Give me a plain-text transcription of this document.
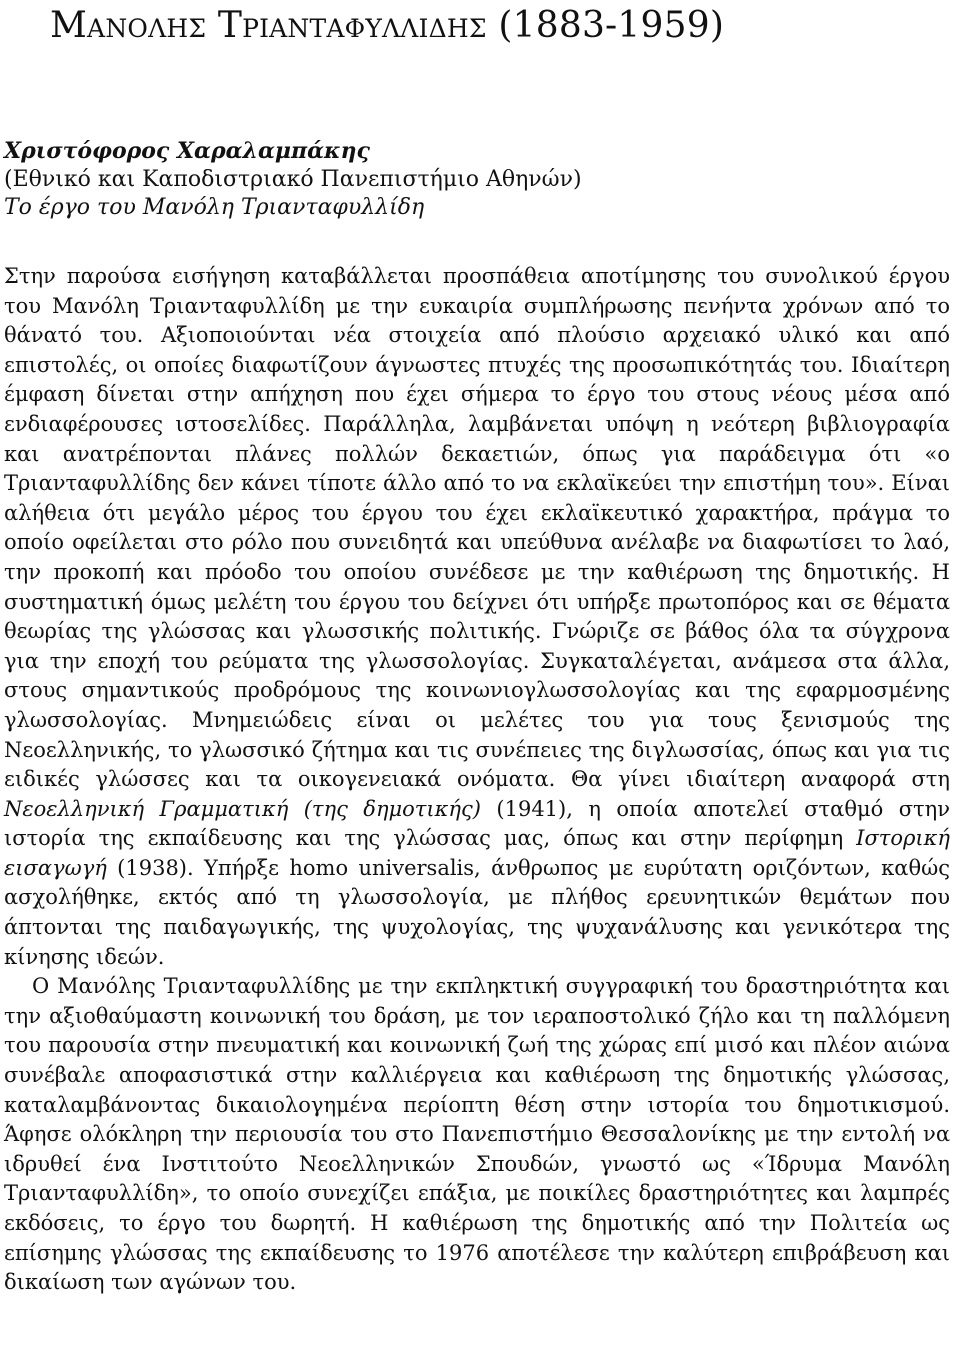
Μανολης Τριανταφυλλιδης (1883-1959)

Χριστόφορος Χαραλαμπάκης

(Εθνικό και Καποδιστριακό Πανεπιστήμιο Αθηνών)

Το έργο του Μανόλη Τριανταφυλλίδη

Στην παρούσα εισήγηση καταβάλλεται προσπάθεια αποτίμησης του συνολικού έργου του Μανόλη Τριανταφυλλίδη με την ευκαιρία συμπλήρωσης πενήντα χρόνων από το θάνατό του. Αξιοποιούνται νέα στοιχεία από πλούσιο αρχειακό υλικό και από επιστολές, οι οποίες διαφωτίζουν άγνωστες πτυχές της προσωπικότητάς του. Ιδιαίτερη έμφαση δίνεται στην απήχηση που έχει σήμερα το έργο του στους νέους μέσα από ενδιαφέρουσες ιστοσελίδες. Παράλληλα, λαμβάνεται υπόψη η νεότερη βιβλιογραφία και ανατρέπονται πλάνες πολλών δεκαετιών, όπως για παράδειγμα ότι «ο Τριανταφυλλίδης δεν κάνει τίποτε άλλο από το να εκλαϊκεύει την επιστήμη του». Είναι αλήθεια ότι μεγάλο μέρος του έργου του έχει εκλαϊκευτικό χαρακτήρα, πράγμα το οποίο οφείλεται στο ρόλο που συνειδητά και υπεύθυνα ανέλαβε να διαφωτίσει το λαό, την προκοπή και πρόοδο του οποίου συνέδεσε με την καθιέρωση της δημοτικής. Η συστηματική όμως μελέτη του έργου του δείχνει ότι υπήρξε πρωτοπόρος και σε θέματα θεωρίας της γλώσσας και γλωσσικής πολιτικής. Γνώριζε σε βάθος όλα τα σύγχρονα για την εποχή του ρεύματα της γλωσσολογίας. Συγκαταλέγεται, ανάμεσα στα άλλα, στους σημαντικούς προδρόμους της κοινωνιογλωσσολογίας και της εφαρμοσμένης γλωσσολογίας. Μνημειώδεις είναι οι μελέτες του για τους ξενισμούς της Νεοελληνικής, το γλωσσικό ζήτημα και τις συνέπειες της διγλωσσίας, όπως και για τις ειδικές γλώσσες και τα οικογενειακά ονόματα. Θα γίνει ιδιαίτερη αναφορά στη Νεοελληνική Γραμματική (της δημοτικής) (1941), η οποία αποτελεί σταθμό στην ιστορία της εκπαίδευσης και της γλώσσας μας, όπως και στην περίφημη Ιστορική εισαγωγή (1938). Υπήρξε homo universalis, άνθρωπος με ευρύτατη οριζόντων, καθώς ασχολήθηκε, εκτός από τη γλωσσολογία, με πλήθος ερευνητικών θεμάτων που άπτονται της παιδαγωγικής, της ψυχολογίας, της ψυχανάλυσης και γενικότερα της κίνησης ιδεών.

Ο Μανόλης Τριανταφυλλίδης με την εκπληκτική συγγραφική του δραστηριότητα και την αξιοθαύμαστη κοινωνική του δράση, με τον ιεραποστολικό ζήλο και τη παλλόμενη του παρουσία στην πνευματική και κοινωνική ζωή της χώρας επί μισό και πλέον αιώνα συνέβαλε αποφασιστικά στην καλλιέργεια και καθιέρωση της δημοτικής γλώσσας, καταλαμβάνοντας δικαιολογημένα περίοπτη θέση στην ιστορία του δημοτικισμού. Άφησε ολόκληρη την περιουσία του στο Πανεπιστήμιο Θεσσαλονίκης με την εντολή να ιδρυθεί ένα Ινστιτούτο Νεοελληνικών Σπουδών, γνωστό ως «Ίδρυμα Μανόλη Τριανταφυλλίδη», το οποίο συνεχίζει επάξια, με ποικίλες δραστηριότητες και λαμπρές εκδόσεις, το έργο του δωρητή. Η καθιέρωση της δημοτικής από την Πολιτεία ως επίσημης γλώσσας της εκπαίδευσης το 1976 αποτέλεσε την καλύτερη επιβράβευση και δικαίωση των αγώνων του.
